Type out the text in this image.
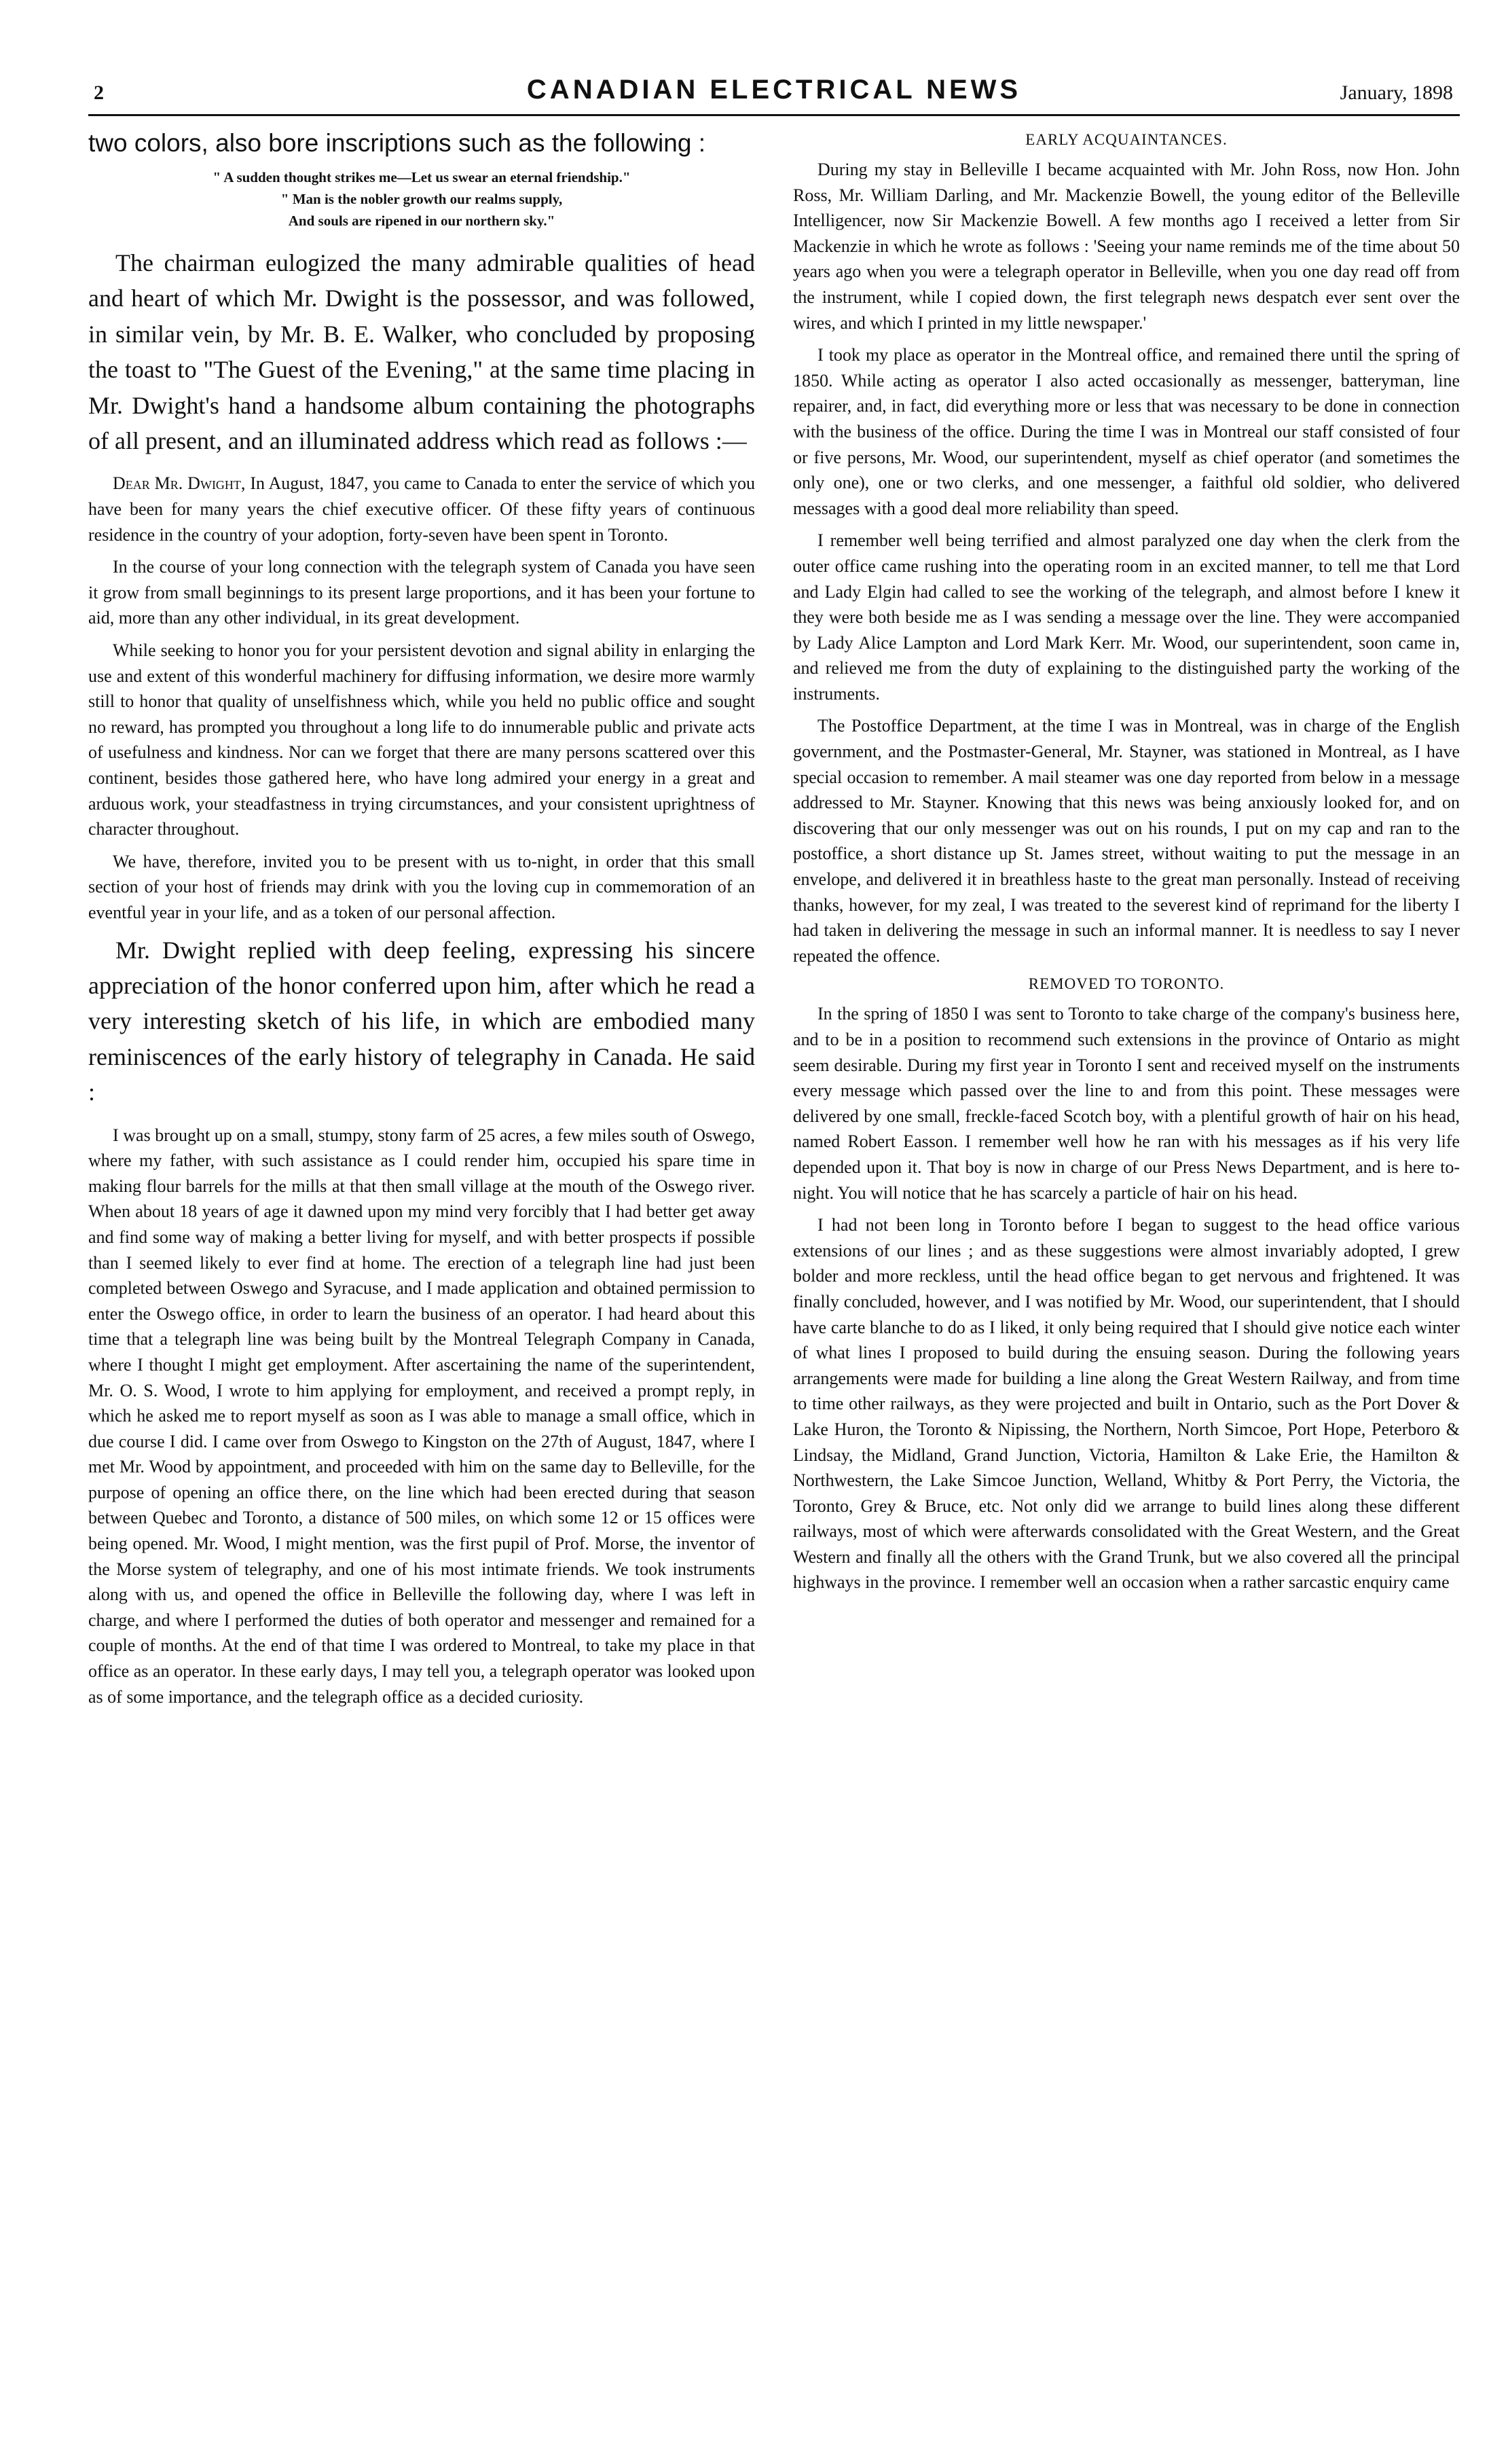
2	CANADIAN ELECTRICAL NEWS	January, 1898

two colors, also bore inscriptions such as the following :

" A sudden thought strikes me—Let us swear an eternal friendship."

" Man is the nobler growth our realms supply,

And souls are ripened in our northern sky."

The chairman eulogized the many admirable qualities of head and heart of which Mr. Dwight is the possessor, and was followed, in similar vein, by Mr. B. E. Walker, who concluded by proposing the toast to "The Guest of the Evening," at the same time placing in Mr. Dwight's hand a handsome album containing the photographs of all present, and an illuminated address which read as follows :—

Dear Mr. Dwight, In August, 1847, you came to Canada to enter the service of which you have been for many years the chief executive officer. Of these fifty years of continuous residence in the country of your adoption, forty-seven have been spent in Toronto.

In the course of your long connection with the telegraph system of Canada you have seen it grow from small beginnings to its present large proportions, and it has been your fortune to aid, more than any other individual, in its great development.

While seeking to honor you for your persistent devotion and signal ability in enlarging the use and extent of this wonderful machinery for diffusing information, we desire more warmly still to honor that quality of unselfishness which, while you held no public office and sought no reward, has prompted you throughout a long life to do innumerable public and private acts of usefulness and kindness. Nor can we forget that there are many persons scattered over this continent, besides those gathered here, who have long admired your energy in a great and arduous work, your steadfastness in trying circumstances, and your consistent uprightness of character throughout.

We have, therefore, invited you to be present with us to-night, in order that this small section of your host of friends may drink with you the loving cup in commemoration of an eventful year in your life, and as a token of our personal affection.

Mr. Dwight replied with deep feeling, expressing his sincere appreciation of the honor conferred upon him, after which he read a very interesting sketch of his life, in which are embodied many reminiscences of the early history of telegraphy in Canada. He said :

I was brought up on a small, stumpy, stony farm of 25 acres, a few miles south of Oswego, where my father, with such assistance as I could render him, occupied his spare time in making flour barrels for the mills at that then small village at the mouth of the Oswego river. When about 18 years of age it dawned upon my mind very forcibly that I had better get away and find some way of making a better living for myself, and with better prospects if possible than I seemed likely to ever find at home. The erection of a telegraph line had just been completed between Oswego and Syracuse, and I made application and obtained permission to enter the Oswego office, in order to learn the business of an operator. I had heard about this time that a telegraph line was being built by the Montreal Telegraph Company in Canada, where I thought I might get employment. After ascertaining the name of the superintendent, Mr. O. S. Wood, I wrote to him applying for employment, and received a prompt reply, in which he asked me to report myself as soon as I was able to manage a small office, which in due course I did. I came over from Oswego to Kingston on the 27th of August, 1847, where I met Mr. Wood by appointment, and proceeded with him on the same day to Belleville, for the purpose of opening an office there, on the line which had been erected during that season between Quebec and Toronto, a distance of 500 miles, on which some 12 or 15 offices were being opened. Mr. Wood, I might mention, was the first pupil of Prof. Morse, the inventor of the Morse system of telegraphy, and one of his most intimate friends. We took instruments along with us, and opened the office in Belleville the following day, where I was left in charge, and where I performed the duties of both operator and messenger and remained for a couple of months. At the end of that time I was ordered to Montreal, to take my place in that office as an operator. In these early days, I may tell you, a telegraph operator was looked upon as of some importance, and the telegraph office as a decided curiosity.

EARLY ACQUAINTANCES.

During my stay in Belleville I became acquainted with Mr. John Ross, now Hon. John Ross, Mr. William Darling, and Mr. Mackenzie Bowell, the young editor of the Belleville Intelligencer, now Sir Mackenzie Bowell. A few months ago I received a letter from Sir Mackenzie in which he wrote as follows : 'Seeing your name reminds me of the time about 50 years ago when you were a telegraph operator in Belleville, when you one day read off from the instrument, while I copied down, the first telegraph news despatch ever sent over the wires, and which I printed in my little newspaper.'

I took my place as operator in the Montreal office, and remained there until the spring of 1850. While acting as operator I also acted occasionally as messenger, batteryman, line repairer, and, in fact, did everything more or less that was necessary to be done in connection with the business of the office. During the time I was in Montreal our staff consisted of four or five persons, Mr. Wood, our superintendent, myself as chief operator (and sometimes the only one), one or two clerks, and one messenger, a faithful old soldier, who delivered messages with a good deal more reliability than speed.

I remember well being terrified and almost paralyzed one day when the clerk from the outer office came rushing into the operating room in an excited manner, to tell me that Lord and Lady Elgin had called to see the working of the telegraph, and almost before I knew it they were both beside me as I was sending a message over the line. They were accompanied by Lady Alice Lampton and Lord Mark Kerr. Mr. Wood, our superintendent, soon came in, and relieved me from the duty of explaining to the distinguished party the working of the instruments.

The Postoffice Department, at the time I was in Montreal, was in charge of the English government, and the Postmaster-General, Mr. Stayner, was stationed in Montreal, as I have special occasion to remember. A mail steamer was one day reported from below in a message addressed to Mr. Stayner. Knowing that this news was being anxiously looked for, and on discovering that our only messenger was out on his rounds, I put on my cap and ran to the postoffice, a short distance up St. James street, without waiting to put the message in an envelope, and delivered it in breathless haste to the great man personally. Instead of receiving thanks, however, for my zeal, I was treated to the severest kind of reprimand for the liberty I had taken in delivering the message in such an informal manner. It is needless to say I never repeated the offence.

REMOVED TO TORONTO.

In the spring of 1850 I was sent to Toronto to take charge of the company's business here, and to be in a position to recommend such extensions in the province of Ontario as might seem desirable. During my first year in Toronto I sent and received myself on the instruments every message which passed over the line to and from this point. These messages were delivered by one small, freckle-faced Scotch boy, with a plentiful growth of hair on his head, named Robert Easson. I remember well how he ran with his messages as if his very life depended upon it. That boy is now in charge of our Press News Department, and is here to-night. You will notice that he has scarcely a particle of hair on his head.

I had not been long in Toronto before I began to suggest to the head office various extensions of our lines ; and as these suggestions were almost invariably adopted, I grew bolder and more reckless, until the head office began to get nervous and frightened. It was finally concluded, however, and I was notified by Mr. Wood, our superintendent, that I should have carte blanche to do as I liked, it only being required that I should give notice each winter of what lines I proposed to build during the ensuing season. During the following years arrangements were made for building a line along the Great Western Railway, and from time to time other railways, as they were projected and built in Ontario, such as the Port Dover & Lake Huron, the Toronto & Nipissing, the Northern, North Simcoe, Port Hope, Peterboro & Lindsay, the Midland, Grand Junction, Victoria, Hamilton & Lake Erie, the Hamilton & Northwestern, the Lake Simcoe Junction, Welland, Whitby & Port Perry, the Victoria, the Toronto, Grey & Bruce, etc. Not only did we arrange to build lines along these different railways, most of which were afterwards consolidated with the Great Western, and the Great Western and finally all the others with the Grand Trunk, but we also covered all the principal highways in the province. I remember well an occasion when a rather sarcastic enquiry came
